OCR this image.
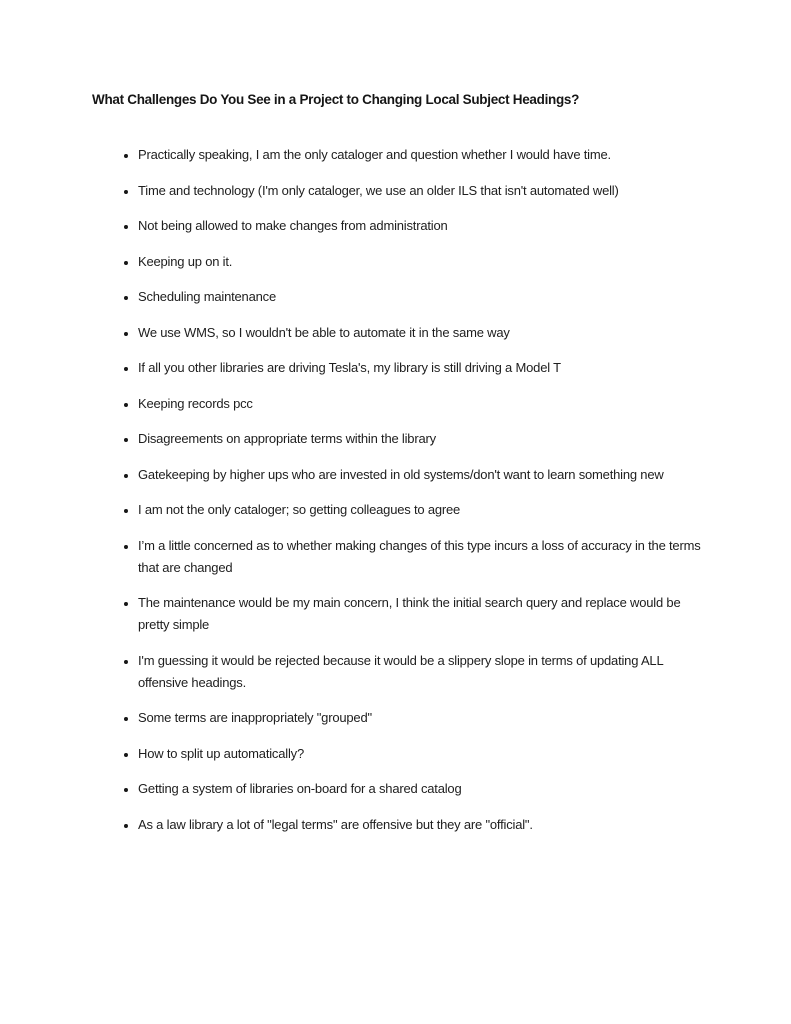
What Challenges Do You See in a Project to Changing Local Subject Headings?
• Practically speaking, I am the only cataloger and question whether I would have time.
• Time and technology (I'm only cataloger, we use an older ILS that isn't automated well)
• Not being allowed to make changes from administration
• Keeping up on it.
• Scheduling maintenance
• We use WMS, so I wouldn't be able to automate it in the same way
• If all you other libraries are driving Tesla's, my library is still driving a Model T
• Keeping records pcc
• Disagreements on appropriate terms within the library
• Gatekeeping by higher ups who are invested in old systems/don't want to learn something new
• I am not the only cataloger; so getting colleagues to agree
• I’m a little concerned as to whether making changes of this type incurs a loss of accuracy in the terms that are changed
• The maintenance would be my main concern, I think the initial search query and replace would be pretty simple
• I'm guessing it would be rejected because it would be a slippery slope in terms of updating ALL offensive headings.
• Some terms are inappropriately "grouped"
• How to split up automatically?
• Getting a system of libraries on-board for a shared catalog
• As a law library a lot of "legal terms" are offensive but they are "official".
